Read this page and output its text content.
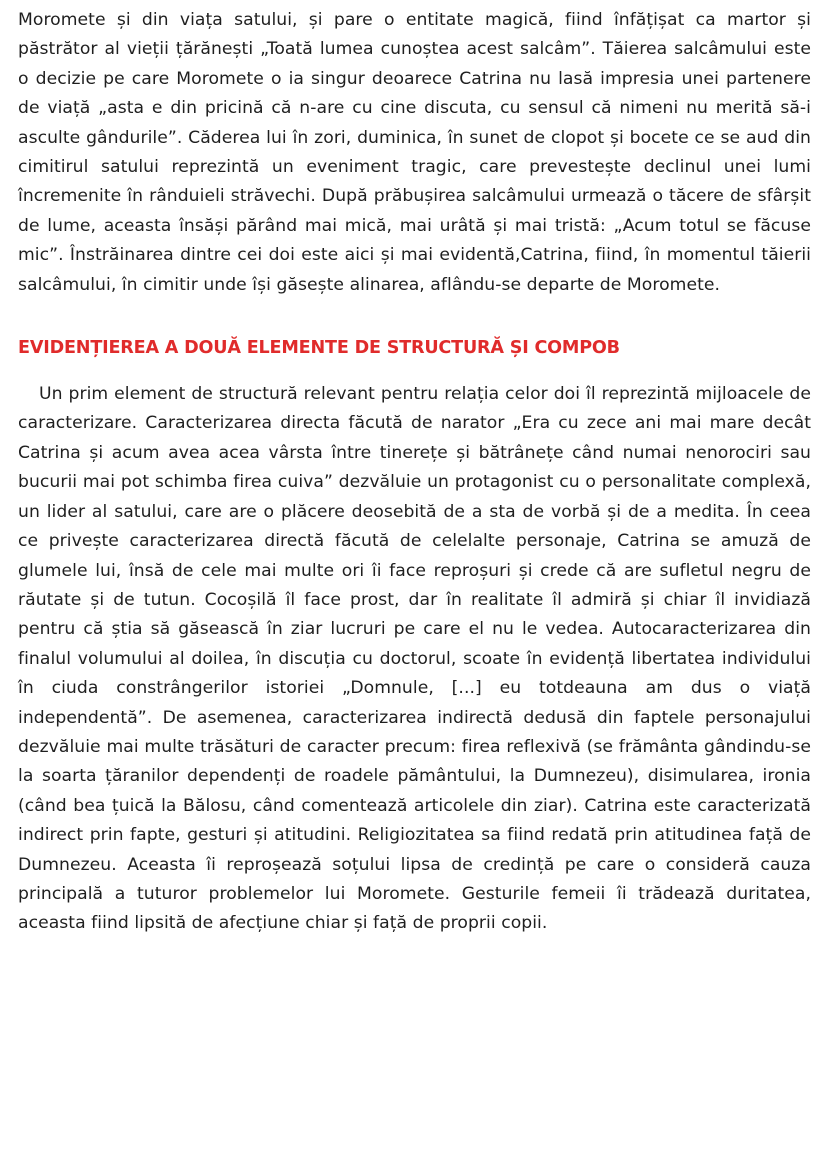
Moromete și din viața satului, și pare o entitate magică, fiind înfățișat ca martor și păstrător al vieții țărănești „Toată lumea cunoștea acest salcâm”. Tăierea salcâmului este o decizie pe care Moromete o ia singur deoarece Catrina nu lasă impresia unei partenere de viață „asta e din pricină că n-are cu cine discuta, cu sensul că nimeni nu merită să-i asculte gândurile”. Căderea lui în zori, duminica, în sunet de clopot și bocete ce se aud din cimitirul satului reprezintă un eveniment tragic, care prevestește declinul unei lumi încremenite în rânduieli străvechi. După prăbușirea salcâmului urmează o tăcere de sfârșit de lume, aceasta însăși părând mai mică, mai urâtă și mai tristă: „Acum totul se făcuse mic”. Înstrăinarea dintre cei doi este aici și mai evidentă,Catrina, fiind, în momentul tăierii salcâmului, în cimitir unde își găsește alinarea, aflându-se departe de Moromete.

EVIDENȚIEREA A DOUĂ ELEMENTE DE STRUCTURĂ ȘI COMPOB

Un prim element de structură relevant pentru relația celor doi îl reprezintă mijloacele de caracterizare. Caracterizarea directa făcută de narator „Era cu zece ani mai mare decât Catrina și acum avea acea vârsta între tinerețe și bătrânețe când numai nenorociri sau bucurii mai pot schimba firea cuiva” dezvăluie un protagonist cu o personalitate complexă, un lider al satului, care are o plăcere deosebită de a sta de vorbă și de a medita. În ceea ce privește caracterizarea directă făcută de celelalte personaje, Catrina se amuză de glumele lui, însă de cele mai multe ori îi face reproșuri și crede că are sufletul negru de răutate și de tutun. Cocoșilă îl face prost, dar în realitate îl admiră și chiar îl invidiază pentru că știa să găsească în ziar lucruri pe care el nu le vedea. Autocaracterizarea din finalul volumului al doilea, în discuția cu doctorul, scoate în evidență libertatea individului în ciuda constrângerilor istoriei „Domnule, [...] eu totdeauna am dus o viață independentă”. De asemenea, caracterizarea indirectă dedusă din faptele personajului dezvăluie mai multe trăsături de caracter precum: firea reflexivă (se frământa gândindu-se la soarta țăranilor dependenți de roadele pământului, la Dumnezeu), disimularea, ironia (când bea țuică la Bălosu, când comentează articolele din ziar). Catrina este caracterizată indirect prin fapte, gesturi și atitudini. Religiozitatea sa fiind redată prin atitudinea față de Dumnezeu. Aceasta îi reproșează soțului lipsa de credință pe care o consideră cauza principală a tuturor problemelor lui Moromete. Gesturile femeii îi trădează duritatea, aceasta fiind lipsită de afecțiune chiar și față de proprii copii.
